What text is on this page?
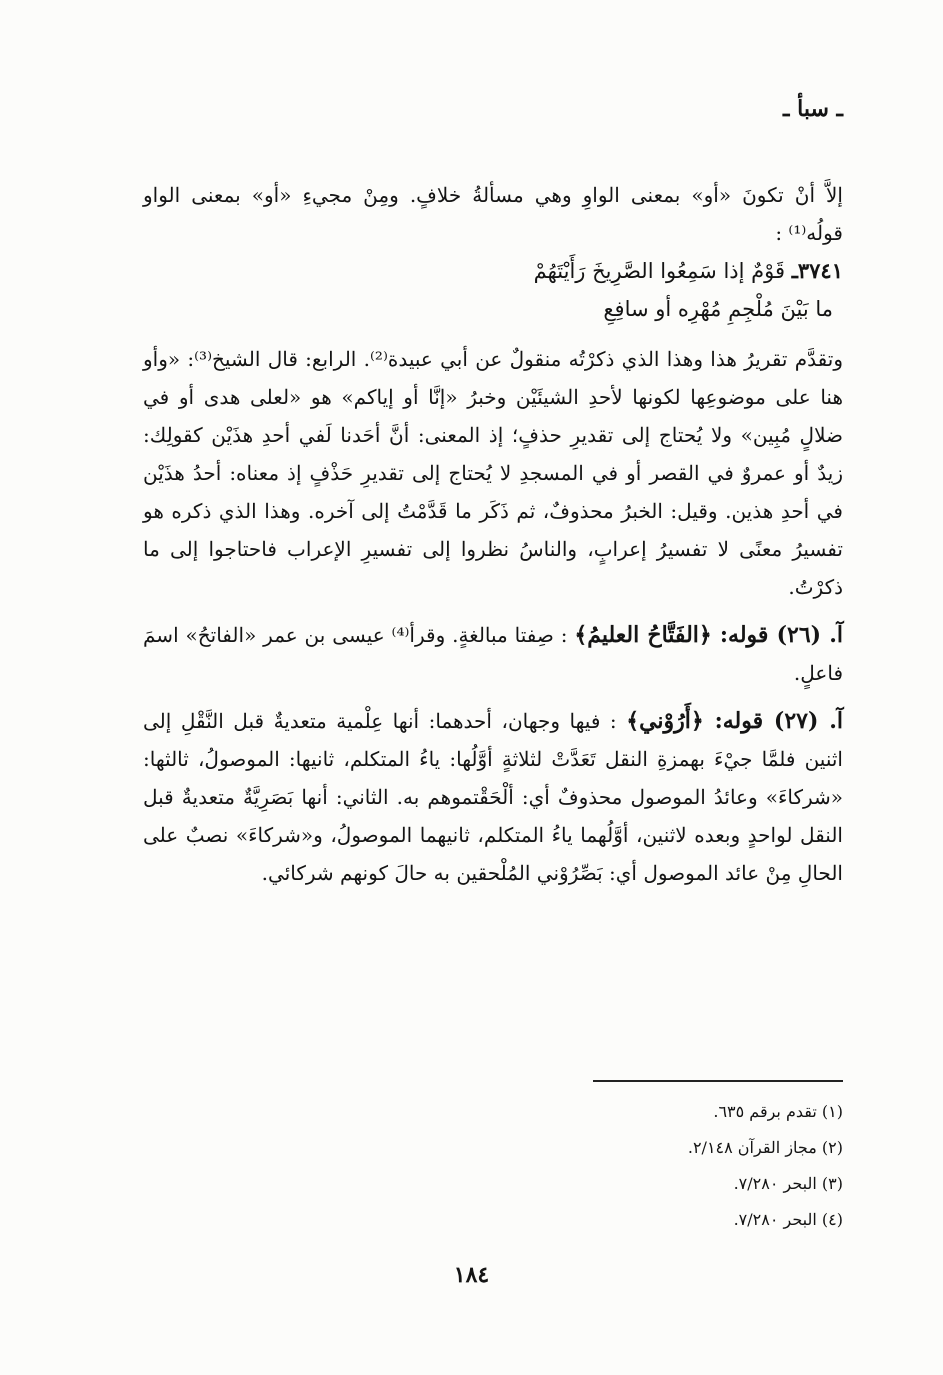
ـ سبأ ـ

إلاَّ أنْ تكونَ «أو» بمعنى الواوِ وهي مسألةُ خلافٍ. ومِنْ مجيءِ «أو» بمعنى الواو قولُه⁽¹⁾ :

٣٧٤١ـ قَوْمٌ إذا سَمِعُوا الصَّرِيخَ رَأَيْتَهُمْ
ما بَيْنَ مُلْجِمِ مُهْرِه أو سافِعِ

وتقدَّم تقريرُ هذا وهذا الذي ذكرْتُه منقولٌ عن أبي عبيدة⁽²⁾. الرابع: قال الشيخ⁽³⁾: «وأو هنا على موضوعِها لكونها لأحدِ الشيئَيْن وخبرُ «إنَّا أو إياكم» هو «لعلى هدى أو في ضلالٍ مُبِين» ولا يُحتاج إلى تقديرِ حذفٍ؛ إذ المعنى: أنَّ أحَدنا لَفي أحدِ هذَيْن كقولِك: زيدٌ أو عمروٌ في القصر أو في المسجدِ لا يُحتاج إلى تقديرِ حَذْفٍ إذ معناه: أحدُ هذَيْن في أحدِ هذين. وقيل: الخبرُ محذوفٌ، ثم ذَكَر ما قَدَّمْتُ إلى آخره. وهذا الذي ذكره هو تفسيرُ معنًى لا تفسيرُ إعرابٍ، والناسُ نظروا إلى تفسيرِ الإعراب فاحتاجوا إلى ما ذكرْتُ.

آ. (٢٦) قوله: ﴿الفَتَّاحُ العليمُ﴾ : صِفتا مبالغةٍ. وقرأ⁽⁴⁾ عيسى بن عمر «الفاتحُ» اسمَ فاعلٍ.

آ. (٢٧) قوله: ﴿أَرُوْني﴾ : فيها وجهان، أحدهما: أنها عِلْمية متعديةٌ قبل النَّقْلِ إلى اثنين فلمَّا جيْءَ بهمزةِ النقل تَعَدَّتْ لثلاثةٍ أوَّلُها: ياءُ المتكلم، ثانيها: الموصولُ، ثالثها: «شركاءَ» وعائدُ الموصول محذوفٌ أي: ألْحَقْتموهم به. الثاني: أنها بَصَرِيَّةٌ متعديةٌ قبل النقل لواحدٍ وبعده لاثنين، أوَّلُهما ياءُ المتكلم، ثانيهما الموصولُ، و«شركاءَ» نصبٌ على الحالِ مِنْ عائد الموصول أي: بَصِّرُوْني المُلْحقين به حالَ كونهم شركائي.

(١) تقدم برقم ٦٣٥.
(٢) مجاز القرآن ٢/١٤٨.
(٣) البحر ٧/٢٨٠.
(٤) البحر ٧/٢٨٠.
١٨٤
